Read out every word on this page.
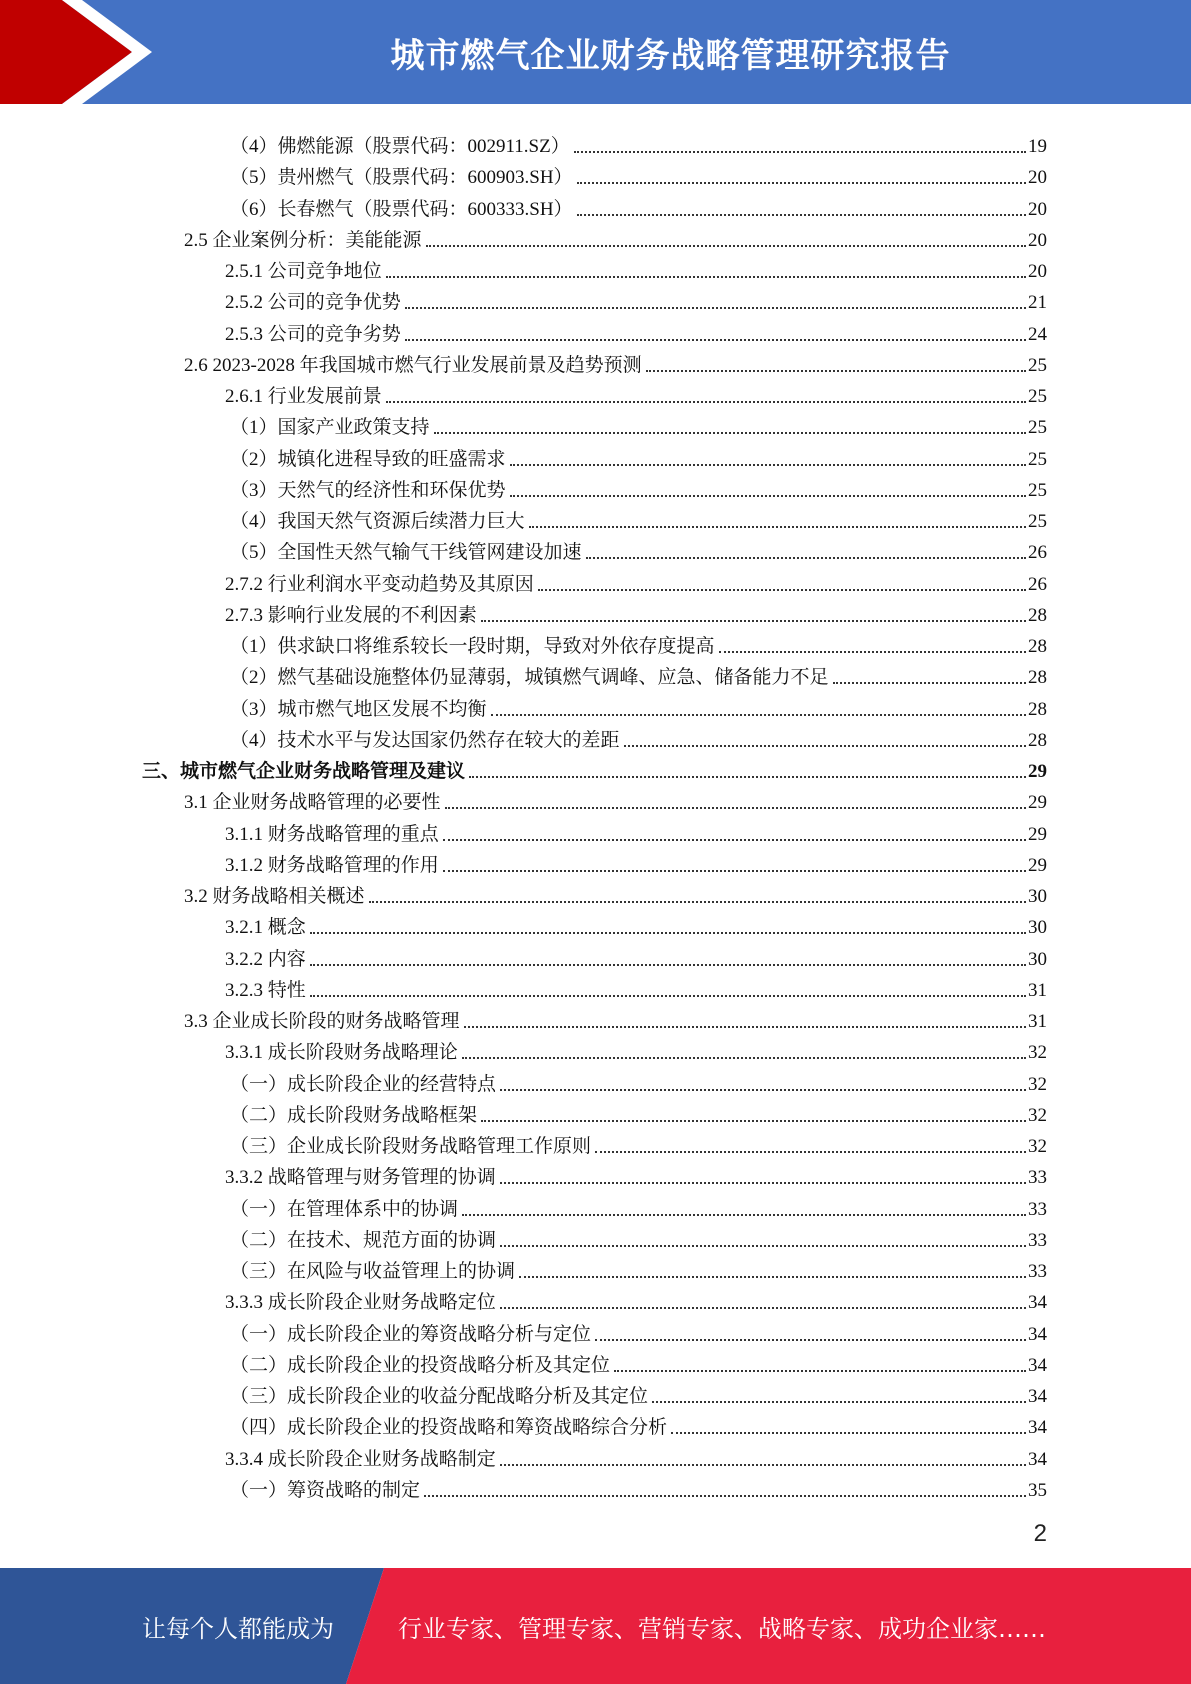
城市燃气企业财务战略管理研究报告
（4）佛燃能源（股票代码：002911.SZ）	19
（5）贵州燃气（股票代码：600903.SH）	20
（6）长春燃气（股票代码：600333.SH）	20
2.5 企业案例分析：美能能源	20
2.5.1 公司竞争地位	20
2.5.2 公司的竞争优势	21
2.5.3 公司的竞争劣势	24
2.6 2023-2028 年我国城市燃气行业发展前景及趋势预测	25
2.6.1 行业发展前景	25
（1）国家产业政策支持	25
（2）城镇化进程导致的旺盛需求	25
（3）天然气的经济性和环保优势	25
（4）我国天然气资源后续潜力巨大	25
（5）全国性天然气输气干线管网建设加速	26
2.7.2 行业利润水平变动趋势及其原因	26
2.7.3 影响行业发展的不利因素	28
（1）供求缺口将维系较长一段时期，导致对外依存度提高	28
（2）燃气基础设施整体仍显薄弱，城镇燃气调峰、应急、储备能力不足	28
（3）城市燃气地区发展不均衡	28
（4）技术水平与发达国家仍然存在较大的差距	28
三、城市燃气企业财务战略管理及建议	29
3.1 企业财务战略管理的必要性	29
3.1.1 财务战略管理的重点	29
3.1.2 财务战略管理的作用	29
3.2 财务战略相关概述	30
3.2.1 概念	30
3.2.2 内容	30
3.2.3 特性	31
3.3 企业成长阶段的财务战略管理	31
3.3.1 成长阶段财务战略理论	32
（一）成长阶段企业的经营特点	32
（二）成长阶段财务战略框架	32
（三）企业成长阶段财务战略管理工作原则	32
3.3.2 战略管理与财务管理的协调	33
（一）在管理体系中的协调	33
（二）在技术、规范方面的协调	33
（三）在风险与收益管理上的协调	33
3.3.3 成长阶段企业财务战略定位	34
（一）成长阶段企业的筹资战略分析与定位	34
（二）成长阶段企业的投资战略分析及其定位	34
（三）成长阶段企业的收益分配战略分析及其定位	34
（四）成长阶段企业的投资战略和筹资战略综合分析	34
3.3.4 成长阶段企业财务战略制定	34
（一）筹资战略的制定	35
2
让每个人都能成为	行业专家、管理专家、营销专家、战略专家、成功企业家……
